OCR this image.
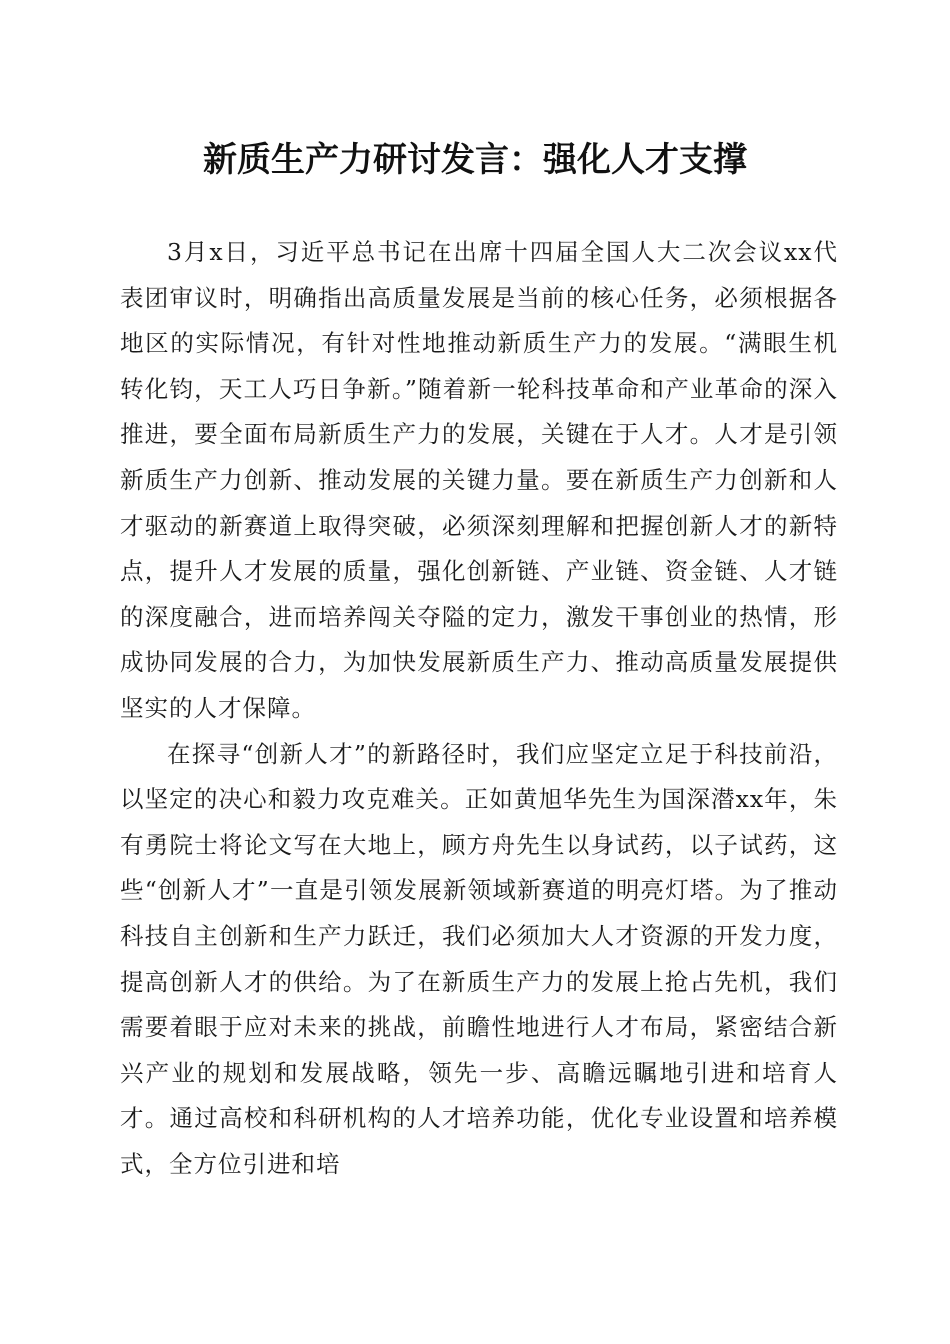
新质生产力研讨发言：强化人才支撑

3月x日，习近平总书记在出席十四届全国人大二次会议xx代表团审议时，明确指出高质量发展是当前的核心任务，必须根据各地区的实际情况，有针对性地推动新质生产力的发展。“满眼生机转化钧，天工人巧日争新。”随着新一轮科技革命和产业革命的深入推进，要全面布局新质生产力的发展，关键在于人才。人才是引领新质生产力创新、推动发展的关键力量。要在新质生产力创新和人才驱动的新赛道上取得突破，必须深刻理解和把握创新人才的新特点，提升人才发展的质量，强化创新链、产业链、资金链、人才链的深度融合，进而培养闯关夺隘的定力，激发干事创业的热情，形成协同发展的合力，为加快发展新质生产力、推动高质量发展提供坚实的人才保障。

在探寻“创新人才”的新路径时，我们应坚定立足于科技前沿，以坚定的决心和毅力攻克难关。正如黄旭华先生为国深潜xx年，朱有勇院士将论文写在大地上，顾方舟先生以身试药，以子试药，这些“创新人才”一直是引领发展新领域新赛道的明亮灯塔。为了推动科技自主创新和生产力跃迁，我们必须加大人才资源的开发力度，提高创新人才的供给。为了在新质生产力的发展上抢占先机，我们需要着眼于应对未来的挑战，前瞻性地进行人才布局，紧密结合新兴产业的规划和发展战略，领先一步、高瞻远瞩地引进和培育人才。通过高校和科研机构的人才培养功能，优化专业设置和培养模式，全方位引进和培
